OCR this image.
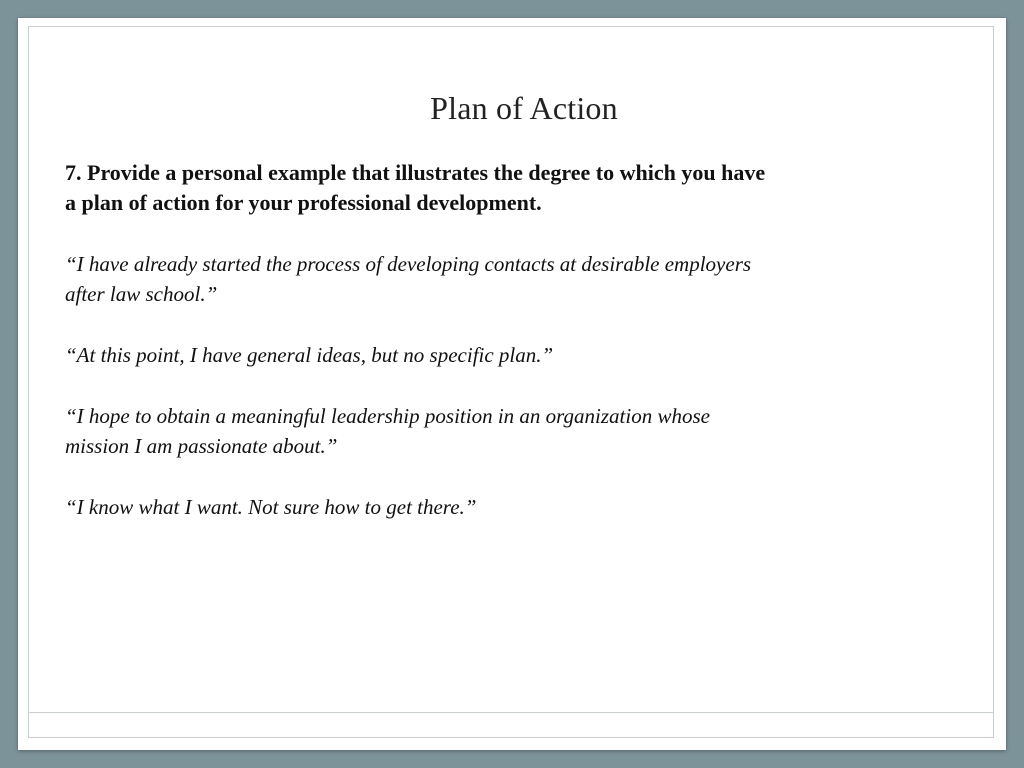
Plan of Action

7. Provide a personal example that illustrates the degree to which you have
a plan of action for your professional development.

“I have already started the process of developing contacts at desirable employers
after law school.”

“At this point, I have general ideas, but no specific plan.”

“I hope to obtain a meaningful leadership position in an organization whose
mission I am passionate about.”

“I know what I want. Not sure how to get there.”
